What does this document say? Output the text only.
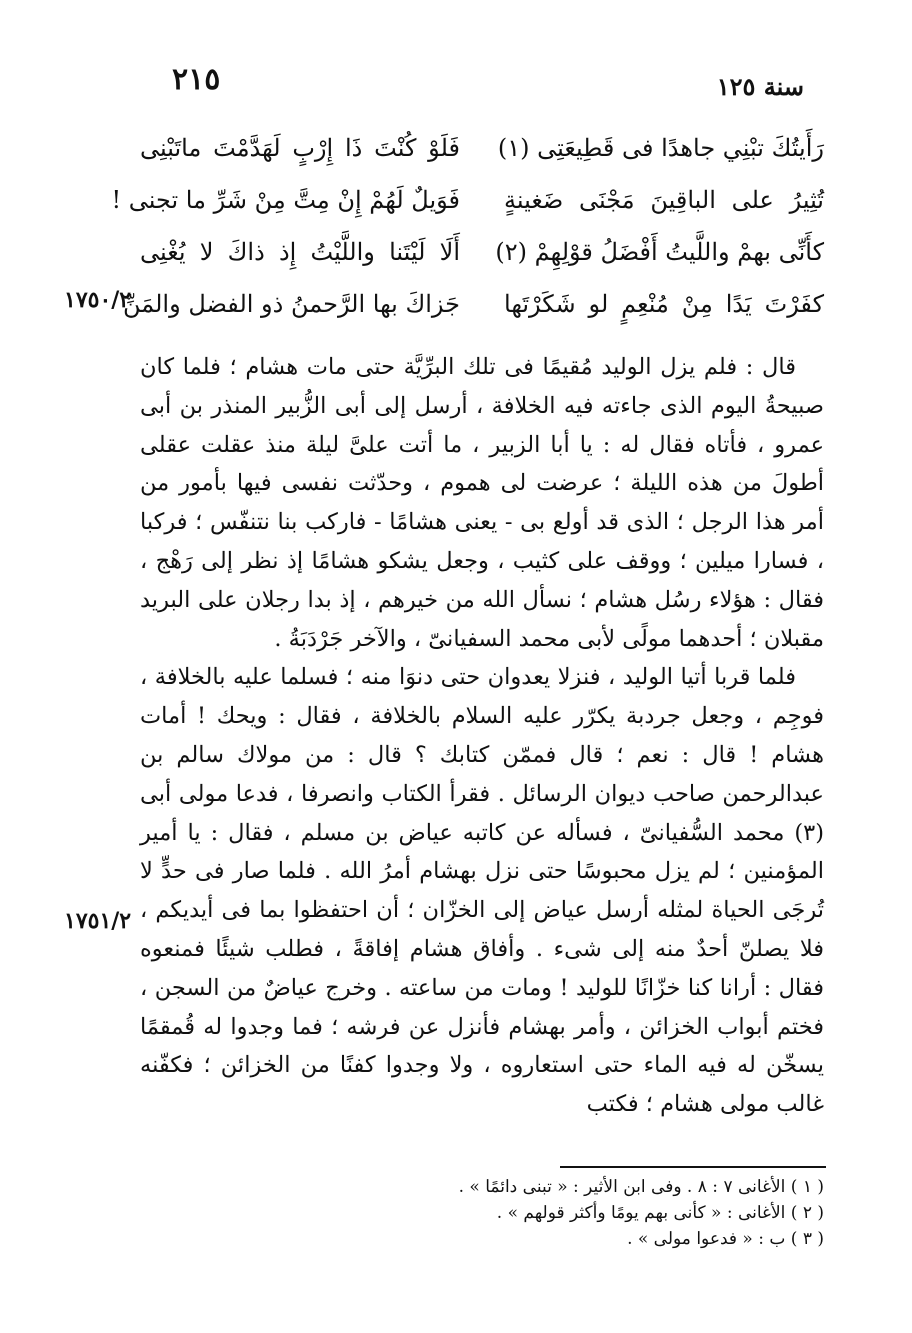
٢١٥	سنة ١٢٥
رَأَيتُكَ تبْنِي جاهدًا فى قَطِيعَتِى (١)
فَلَوْ كُنْتَ ذَا إِرْبٍ لَهَدَّمْتَ ماتَبْنِى
تُثِيرُ على الباقِينَ مَجْنَى ضَغينةٍ
فَوَيلٌ لَهُمْ إِنْ مِتَّ مِنْ شَرِّ ما تجنى !
كأَنِّى بهمْ واللَّيتُ أَفْضَلُ قوْلِهِمْ (٢)
أَلَا لَيْتَنا واللَّيْتُ إِذ ذاكَ لا يُغْنِى
كفَرْتَ يَدًا مِنْ مُنْعِمٍ لو شَكَرْتَها
جَزاكَ بها الرَّحمنُ ذو الفضل والمَنِّ
١٧٥٠/٢
١٧٥١/٢

قال : فلم يزل الوليد مُقيمًا فى تلك البرِّيَّة حتى مات هشام ؛ فلما كان صبيحةُ اليوم الذى جاءته فيه الخلافة ، أرسل إلى أبى الزُّبير المنذر بن أبى عمرو ، فأتاه فقال له : يا أبا الزبير ، ما أتت علىَّ ليلة منذ عقلت عقلى أطولَ من هذه الليلة ؛ عرضت لى هموم ، وحدّثت نفسى فيها بأمور من أمر هذا الرجل ؛ الذى قد أولع بى - يعنى هشامًا - فاركب بنا نتنفّس ؛ فركبا ، فسارا ميلين ؛ ووقف على كثيب ، وجعل يشكو هشامًا إذ نظر إلى رَهْج ، فقال : هؤلاء رسُل هشام ؛ نسأل الله من خيرهم ، إذ بدا رجلان على البريد مقبلان ؛ أحدهما مولًى لأبى محمد السفيانىّ ، والآخر جَرْدَبَةُ .

فلما قربا أتيا الوليد ، فنزلا يعدوان حتى دنوَا منه ؛ فسلما عليه بالخلافة ، فوجِم ، وجعل جردبة يكرّر عليه السلام بالخلافة ، فقال : ويحك ! أمات هشام ! قال : نعم ؛ قال فممّن كتابك ؟ قال : من مولاك سالم بن عبدالرحمن صاحب ديوان الرسائل . فقرأ الكتاب وانصرفا ، فدعا مولى أبى (٣) محمد السُّفيانىّ ، فسأله عن كاتبه عياض بن مسلم ، فقال : يا أمير المؤمنين ؛ لم يزل محبوسًا حتى نزل بهشام أمرُ الله . فلما صار فى حدٍّ لا تُرجَى الحياة لمثله أرسل عياض إلى الخزّان ؛ أن احتفظوا بما فى أيديكم ، فلا يصلنّ أحدٌ منه إلى شىء . وأفاق هشام إفاقةً ، فطلب شيئًا فمنعوه فقال : أرانا كنا خزّانًا للوليد ! ومات من ساعته . وخرج عياضٌ من السجن ، فختم أبواب الخزائن ، وأمر بهشام فأنزل عن فرشه ؛ فما وجدوا له قُمقمًا يسخّن له فيه الماء حتى استعاروه ، ولا وجدوا كفنًا من الخزائن ؛ فكفّنه غالب مولى هشام ؛ فكتب

( ١ ) الأغانى ٧ : ٨ . وفى ابن الأثير : « تبنى دائمًا » .
( ٢ ) الأغانى : « كأنى بهم يومًا وأكثر قولهم » .
( ٣ ) ب : « فدعوا مولى » .
